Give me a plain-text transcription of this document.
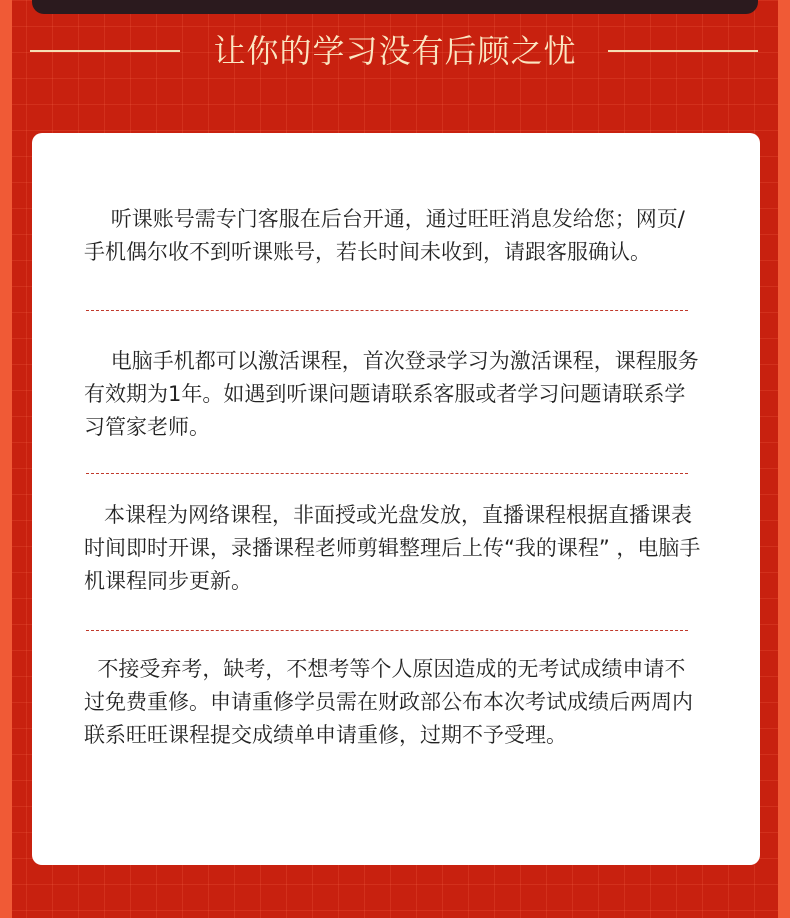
让你的学习没有后顾之忧

听课账号需专门客服在后台开通，通过旺旺消息发给您；网页/手机偶尔收不到听课账号，若长时间未收到，请跟客服确认。

电脑手机都可以激活课程，首次登录学习为激活课程，课程服务有效期为1年。如遇到听课问题请联系客服或者学习问题请联系学习管家老师。

本课程为网络课程，非面授或光盘发放，直播课程根据直播课表时间即时开课，录播课程老师剪辑整理后上传“我的课程” ，电脑手机课程同步更新。

不接受弃考，缺考，不想考等个人原因造成的无考试成绩申请不过免费重修。申请重修学员需在财政部公布本次考试成绩后两周内联系旺旺课程提交成绩单申请重修，过期不予受理。
